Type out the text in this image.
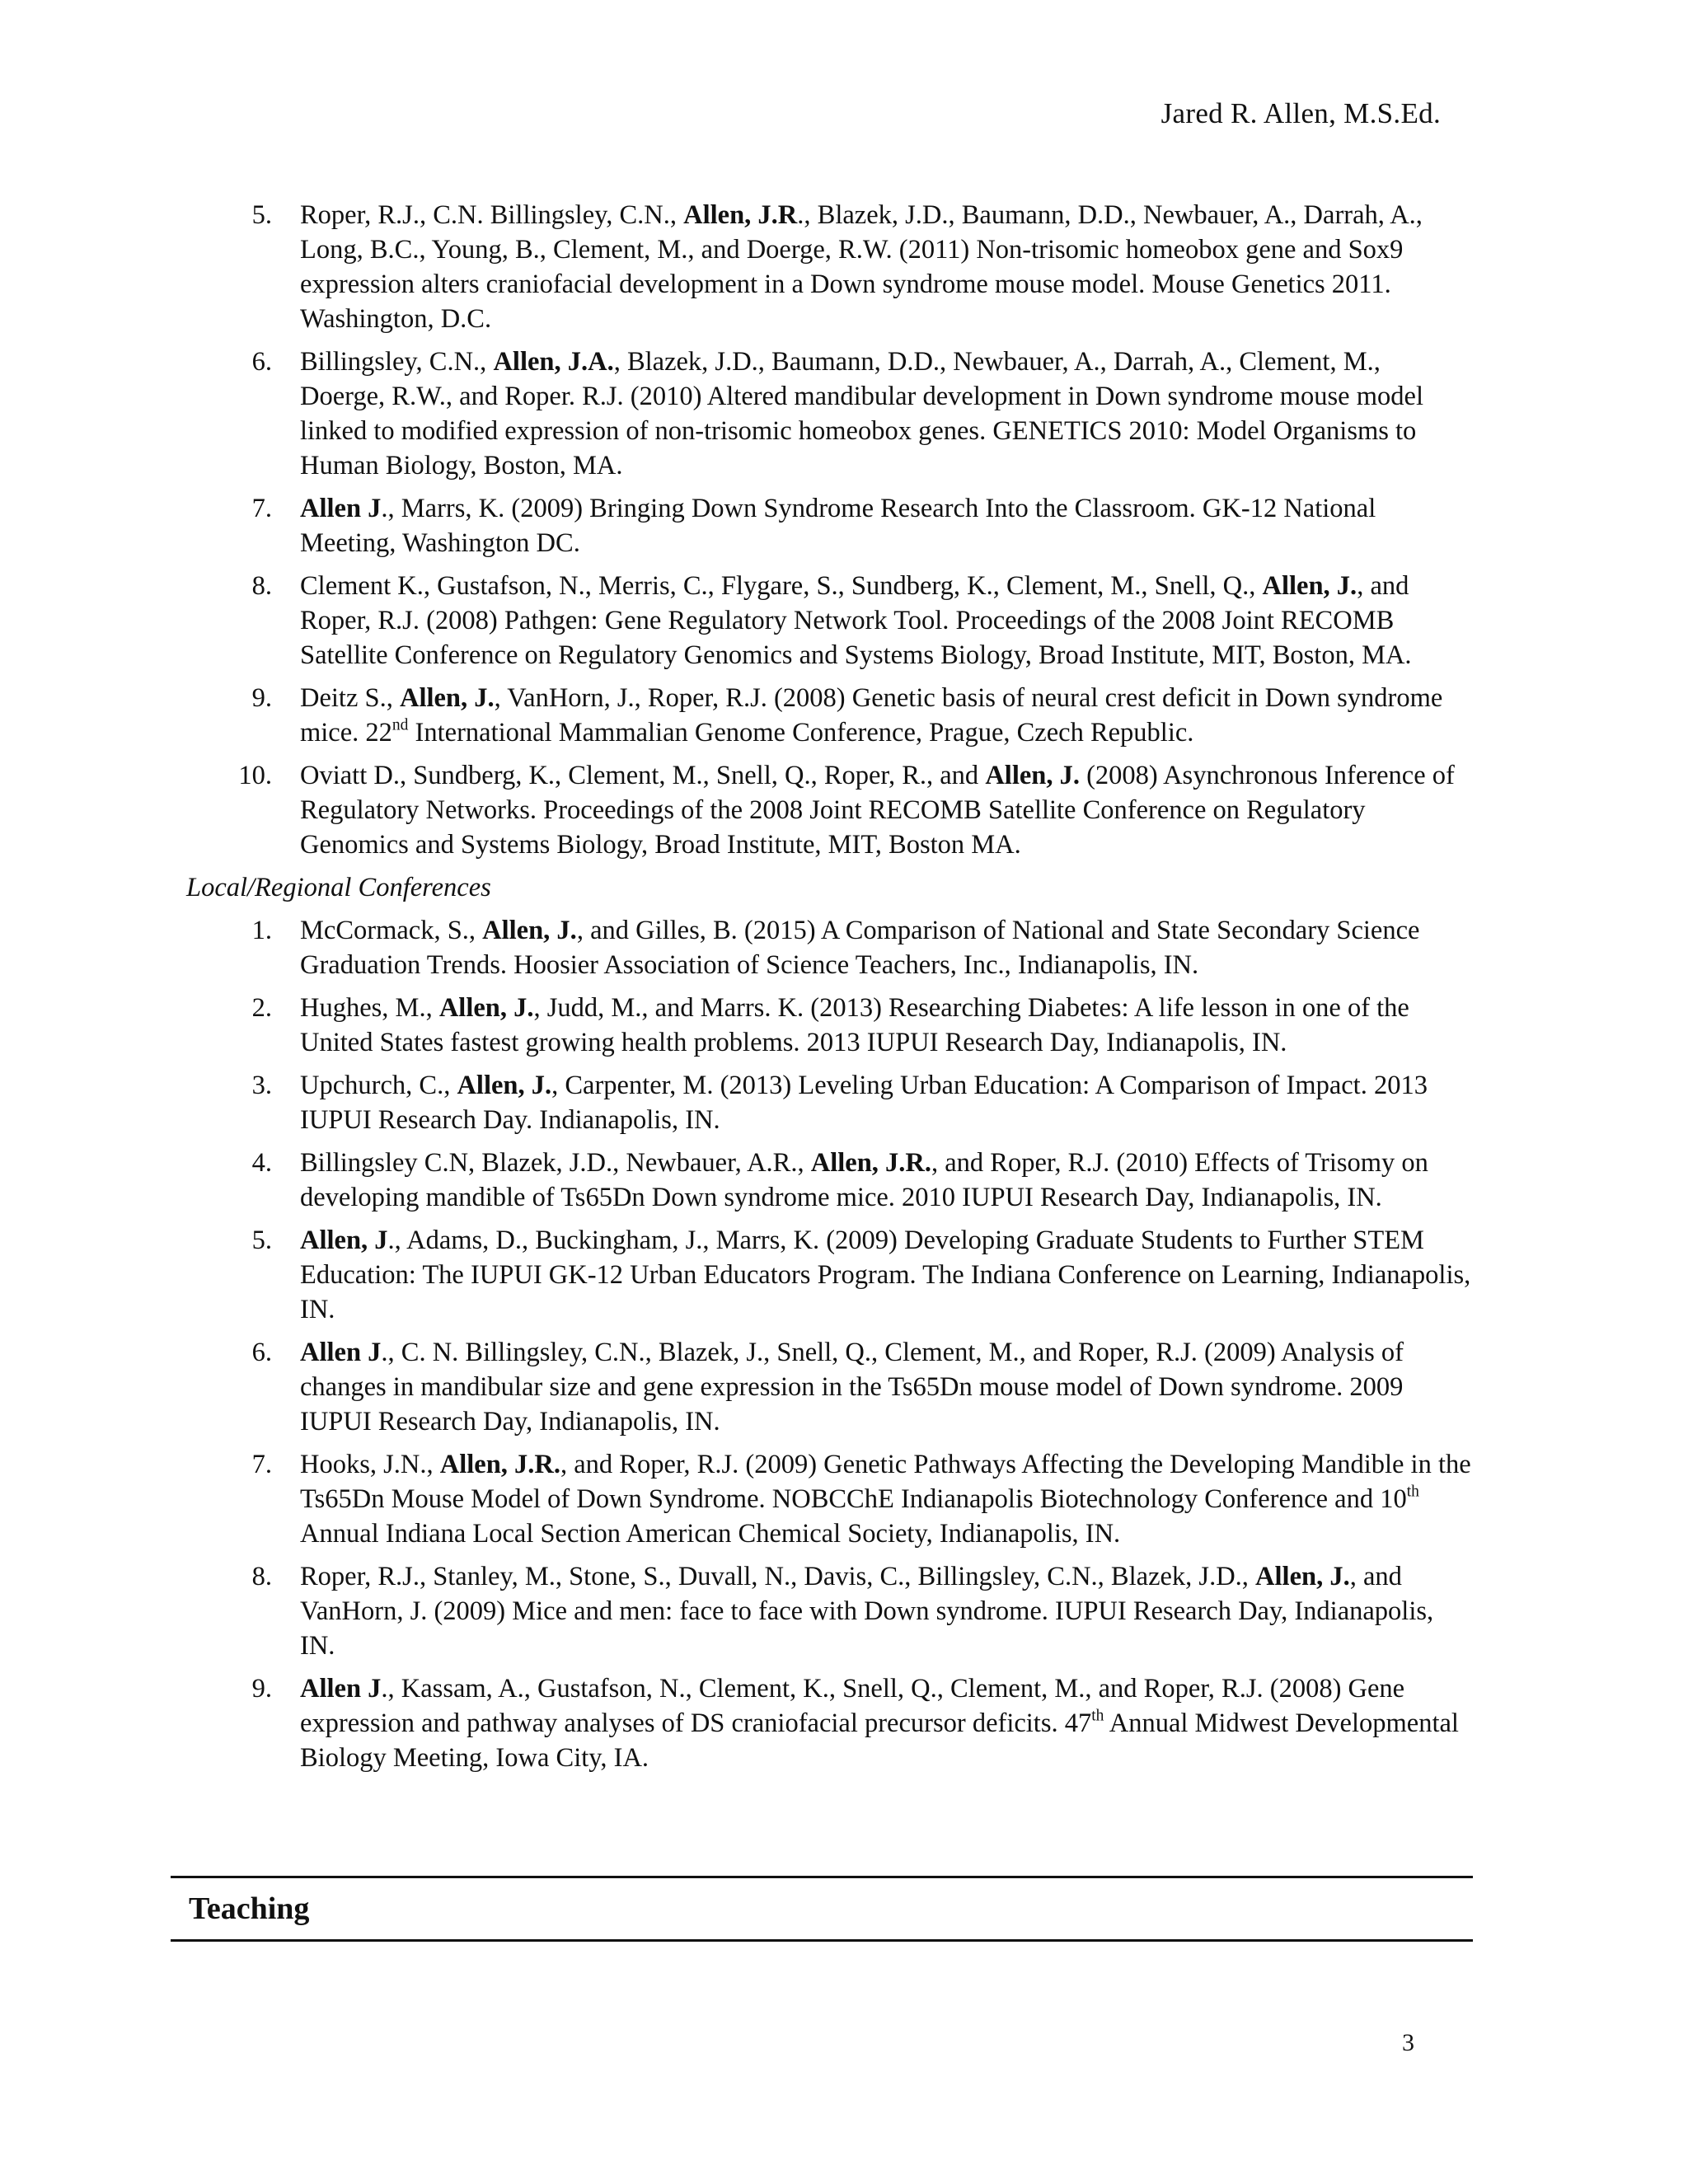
Jared R. Allen, M.S.Ed.
5. Roper, R.J., C.N. Billingsley, C.N., Allen, J.R., Blazek, J.D., Baumann, D.D., Newbauer, A., Darrah, A., Long, B.C., Young, B., Clement, M., and Doerge, R.W. (2011) Non-trisomic homeobox gene and Sox9 expression alters craniofacial development in a Down syndrome mouse model. Mouse Genetics 2011. Washington, D.C.
6. Billingsley, C.N., Allen, J.A., Blazek, J.D., Baumann, D.D., Newbauer, A., Darrah, A., Clement, M., Doerge, R.W., and Roper. R.J. (2010) Altered mandibular development in Down syndrome mouse model linked to modified expression of non-trisomic homeobox genes. GENETICS 2010: Model Organisms to Human Biology, Boston, MA.
7. Allen J., Marrs, K. (2009) Bringing Down Syndrome Research Into the Classroom. GK-12 National Meeting, Washington DC.
8. Clement K., Gustafson, N., Merris, C., Flygare, S., Sundberg, K., Clement, M., Snell, Q., Allen, J., and Roper, R.J. (2008) Pathgen: Gene Regulatory Network Tool. Proceedings of the 2008 Joint RECOMB Satellite Conference on Regulatory Genomics and Systems Biology, Broad Institute, MIT, Boston, MA.
9. Deitz S., Allen, J., VanHorn, J., Roper, R.J. (2008) Genetic basis of neural crest deficit in Down syndrome mice. 22nd International Mammalian Genome Conference, Prague, Czech Republic.
10. Oviatt D., Sundberg, K., Clement, M., Snell, Q., Roper, R., and Allen, J. (2008) Asynchronous Inference of Regulatory Networks. Proceedings of the 2008 Joint RECOMB Satellite Conference on Regulatory Genomics and Systems Biology, Broad Institute, MIT, Boston MA.
Local/Regional Conferences
1. McCormack, S., Allen, J., and Gilles, B. (2015) A Comparison of National and State Secondary Science Graduation Trends. Hoosier Association of Science Teachers, Inc., Indianapolis, IN.
2. Hughes, M., Allen, J., Judd, M., and Marrs. K. (2013) Researching Diabetes: A life lesson in one of the United States fastest growing health problems. 2013 IUPUI Research Day, Indianapolis, IN.
3. Upchurch, C., Allen, J., Carpenter, M. (2013) Leveling Urban Education: A Comparison of Impact. 2013 IUPUI Research Day. Indianapolis, IN.
4. Billingsley C.N, Blazek, J.D., Newbauer, A.R., Allen, J.R., and Roper, R.J. (2010) Effects of Trisomy on developing mandible of Ts65Dn Down syndrome mice. 2010 IUPUI Research Day, Indianapolis, IN.
5. Allen, J., Adams, D., Buckingham, J., Marrs, K. (2009) Developing Graduate Students to Further STEM Education: The IUPUI GK-12 Urban Educators Program. The Indiana Conference on Learning, Indianapolis, IN.
6. Allen J., C. N. Billingsley, C.N., Blazek, J., Snell, Q., Clement, M., and Roper, R.J. (2009) Analysis of changes in mandibular size and gene expression in the Ts65Dn mouse model of Down syndrome. 2009 IUPUI Research Day, Indianapolis, IN.
7. Hooks, J.N., Allen, J.R., and Roper, R.J. (2009) Genetic Pathways Affecting the Developing Mandible in the Ts65Dn Mouse Model of Down Syndrome. NOBCChE Indianapolis Biotechnology Conference and 10th Annual Indiana Local Section American Chemical Society, Indianapolis, IN.
8. Roper, R.J., Stanley, M., Stone, S., Duvall, N., Davis, C., Billingsley, C.N., Blazek, J.D., Allen, J., and VanHorn, J. (2009) Mice and men: face to face with Down syndrome. IUPUI Research Day, Indianapolis, IN.
9. Allen J., Kassam, A., Gustafson, N., Clement, K., Snell, Q., Clement, M., and Roper, R.J. (2008) Gene expression and pathway analyses of DS craniofacial precursor deficits. 47th Annual Midwest Developmental Biology Meeting, Iowa City, IA.
Teaching
3
